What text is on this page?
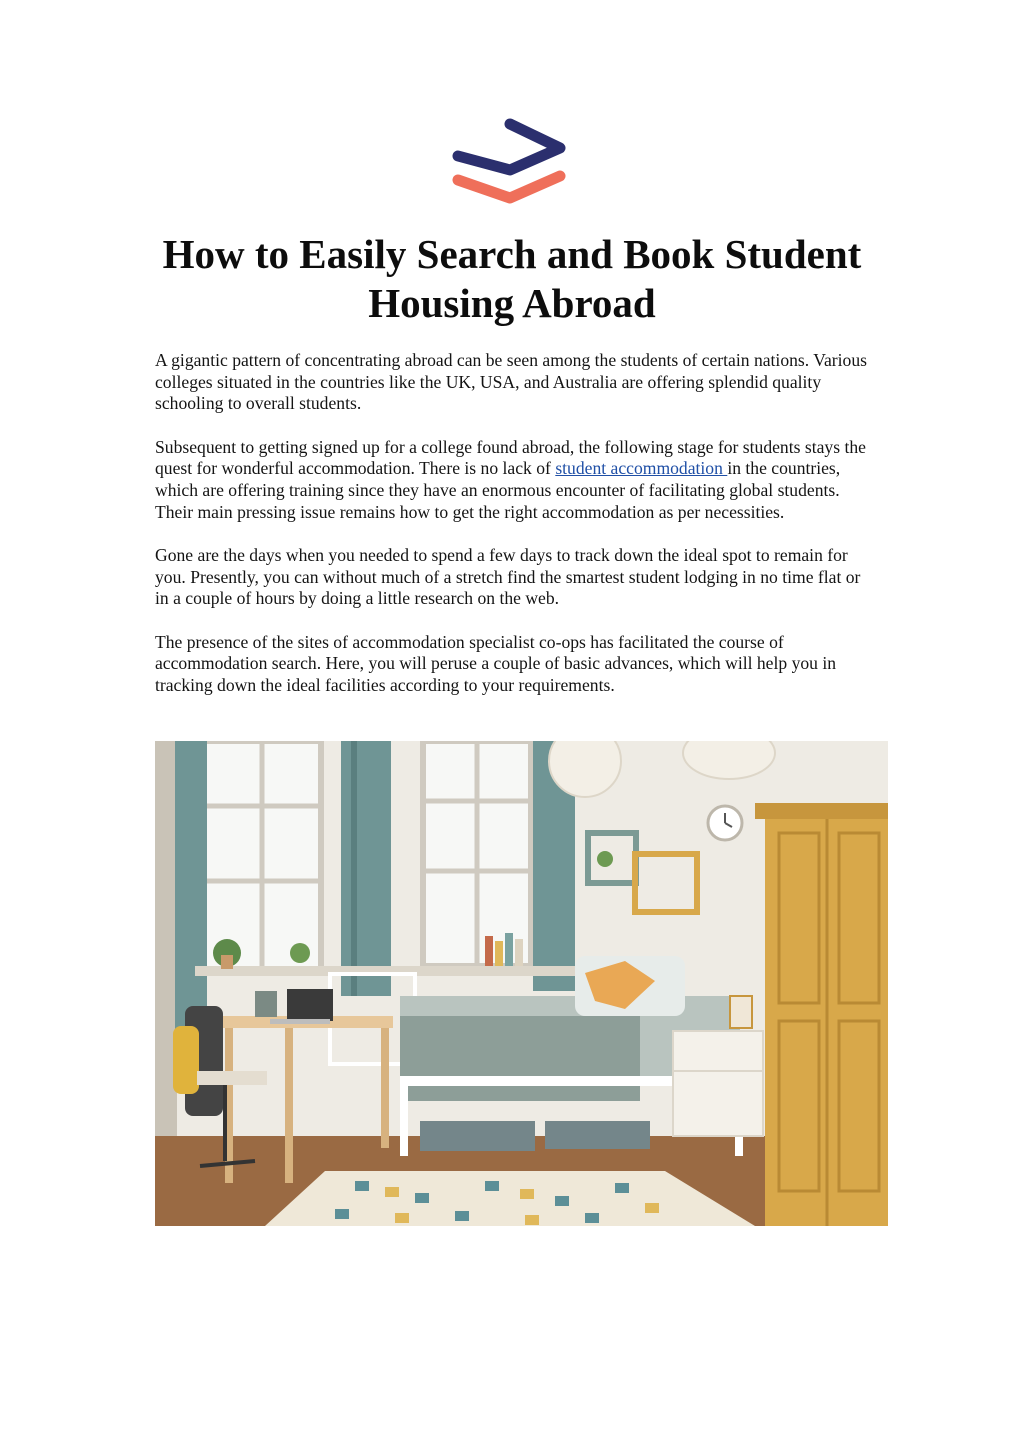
How to Easily Search and Book Student Housing Abroad

A gigantic pattern of concentrating abroad can be seen among the students of certain nations. Various colleges situated in the countries like the UK, USA, and Australia are offering splendid quality schooling to overall students.

Subsequent to getting signed up for a college found abroad, the following stage for students stays the quest for wonderful accommodation. There is no lack of student accommodation in the countries, which are offering training since they have an enormous encounter of facilitating global students. Their main pressing issue remains how to get the right accommodation as per necessities.

Gone are the days when you needed to spend a few days to track down the ideal spot to remain for you. Presently, you can without much of a stretch find the smartest student lodging in no time flat or in a couple of hours by doing a little research on the web.

The presence of the sites of accommodation specialist co-ops has facilitated the course of accommodation search. Here, you will peruse a couple of basic advances, which will help you in tracking down the ideal facilities according to your requirements.
